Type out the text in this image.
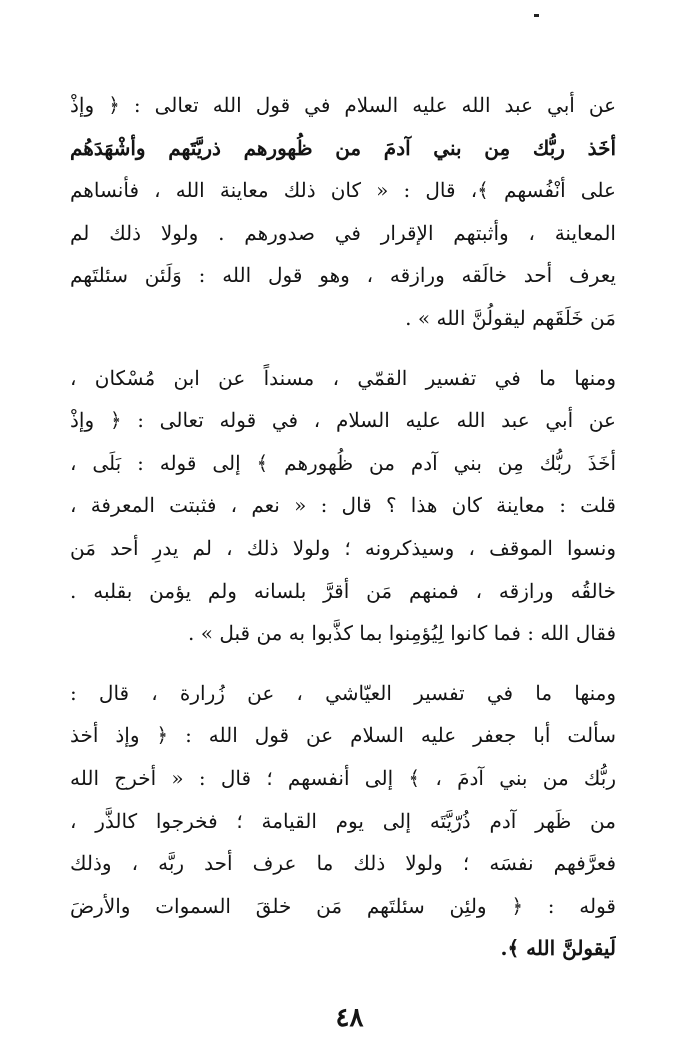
عن أبي عبد الله عليه السلام في قول الله تعالى : ﴿ وإذْ
أخَذ ربُّك مِن بني آدمَ من ظُهورهم ذريَّتَهم وأشْهَدَهُم
على أنْفُسهم ﴾، قال : « كان ذلك معاينة الله ، فأنساهم
المعاينة ، وأثبتهم الإقرار في صدورهم . ولولا ذلك لم
يعرف أحد خالَقه ورازقه ، وهو قول الله : وَلَئن سئلتَهم
مَن خَلَقَهم ليقولُنَّ الله » .
ومنها ما في تفسير القمّي ، مسنداً عن ابن مُسْكان ،
عن أبي عبد الله عليه السلام ، في قوله تعالى : ﴿ وإذْ
أخَذَ ربُّك مِن بني آدم من ظُهورهم ﴾ إلى قوله : بَلَى ،
قلت : معاينة كان هذا ؟ قال : « نعم ، فثبتت المعرفة ،
ونسوا الموقف ، وسيذكرونه ؛ ولولا ذلك ، لم يدرِ أحد مَن
خالقُه ورازقه ، فمنهم مَن أقرَّ بلسانه ولم يؤمن بقلبه .
فقال الله : فما كانوا لِيُؤمِنوا بما كذَّبوا به من قبل » .
ومنها ما في تفسير العيّاشي ، عن زُرارة ، قال :
سألت أبا جعفر عليه السلام عن قول الله : ﴿ وإذ أخذ
ربُّك من بني آدمَ ، ﴾ إلى أنفسهم ؛ قال : « أخرج الله
من ظَهر آدم ذُرّيَّتَه إلى يوم القيامة ؛ فخرجوا كالذَّر ،
فعرَّفهم نفسَه ؛ ولولا ذلك ما عرف أحد ربَّه ، وذلك
قوله : ﴿ ولئِن سئلتَهم مَن خلقَ السموات والأرضَ
لَيقولنَّ الله ﴾.
٤٨
